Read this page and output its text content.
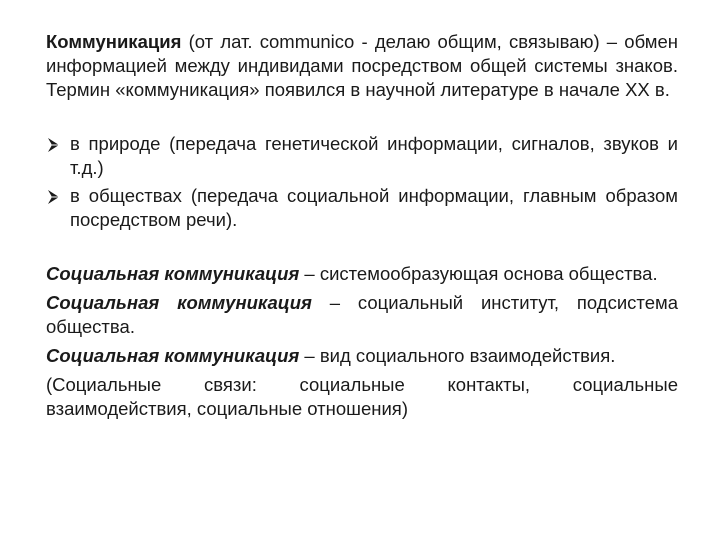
Коммуникация (от лат. communico - делаю общим, связываю) – обмен информацией между индивидами посредством общей системы знаков. Термин «коммуникация» появился в научной литературе в начале XX в.
в природе (передача генетической информации, сигналов, звуков и т.д.)
в обществах (передача социальной информации, главным образом посредством речи).
Социальная коммуникация – системообразующая основа общества.
Социальная коммуникация – социальный институт, подсистема общества.
Социальная коммуникация – вид социального взаимодействия.
(Социальные связи: социальные контакты, социальные взаимодействия, социальные отношения)
